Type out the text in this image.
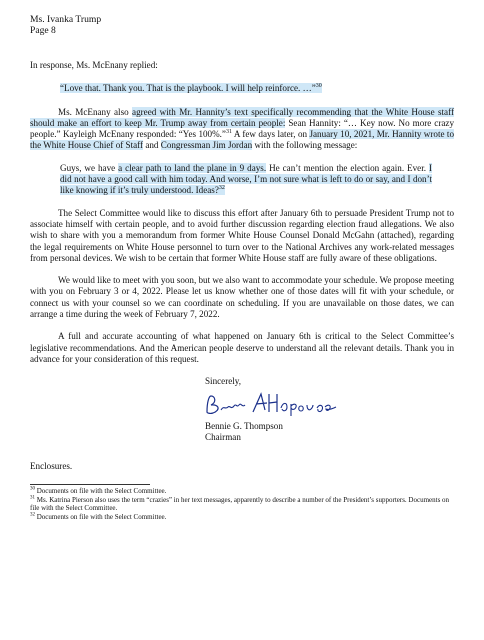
Ms. Ivanka Trump

Page 8

In response, Ms. McEnany replied:

“Love that. Thank you. That is the playbook. I will help reinforce. …”$^{30}$

Ms. McEnany also agreed with Mr. Hannity’s text specifically recommending that the White House staff should make an effort to keep Mr. Trump away from certain people: Sean Hannity: “… Key now. No more crazy people.” Kayleigh McEnany responded: “Yes 100%.”$^{31}$ A few days later, on January 10, 2021, Mr. Hannity wrote to the White House Chief of Staff and Congressman Jim Jordan with the following message:

Guys, we have a clear path to land the plane in 9 days. He can’t mention the election again. Ever. I did not have a good call with him today. And worse, I’m not sure what is left to do or say, and I don’t like knowing if it’s truly understood. Ideas?$^{32}$

The Select Committee would like to discuss this effort after January 6th to persuade President Trump not to associate himself with certain people, and to avoid further discussion regarding election fraud allegations. We also wish to share with you a memorandum from former White House Counsel Donald McGahn (attached), regarding the legal requirements on White House personnel to turn over to the National Archives any work-related messages from personal devices. We wish to be certain that former White House staff are fully aware of these obligations.

We would like to meet with you soon, but we also want to accommodate your schedule. We propose meeting with you on February 3 or 4, 2022. Please let us know whether one of those dates will fit with your schedule, or connect us with your counsel so we can coordinate on scheduling. If you are unavailable on those dates, we can arrange a time during the week of February 7, 2022.

A full and accurate accounting of what happened on January 6th is critical to the Select Committee’s legislative recommendations. And the American people deserve to understand all the relevant details. Thank you in advance for your consideration of this request.

Sincerely,

Bennie G. Thompson

Chairman

Enclosures.

$^{30}$ Documents on file with the Select Committee.

$^{31}$ Ms. Katrina Pierson also uses the term “crazies” in her text messages, apparently to describe a number of the President’s supporters. Documents on file with the Select Committee.

$^{32}$ Documents on file with the Select Committee.
